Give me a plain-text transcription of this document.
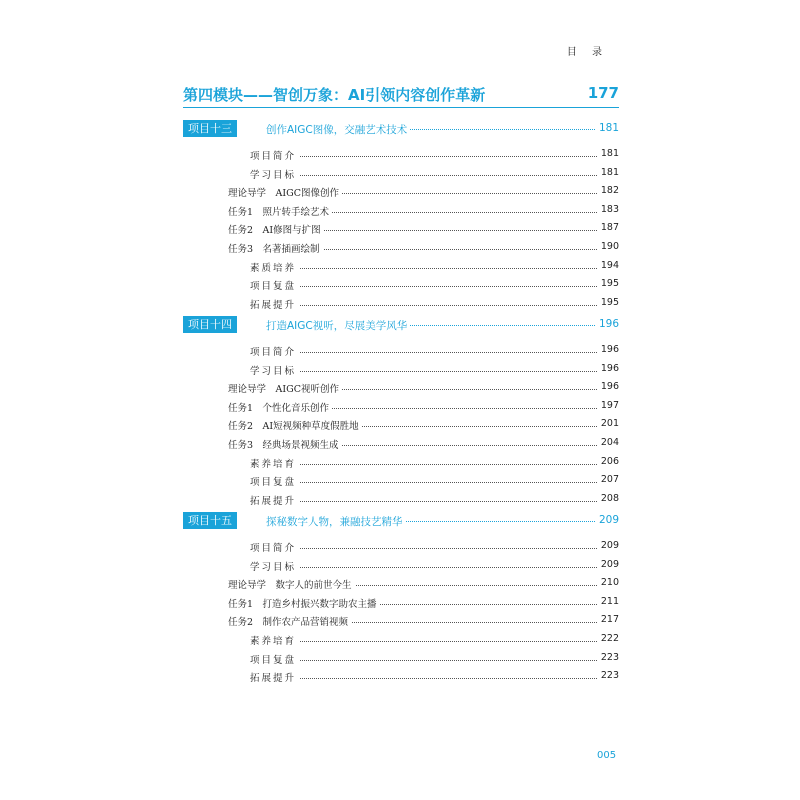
目 录
第四模块——智创万象：AI引领内容创作革新	177
项目十三	创作AIGC图像，交融艺术技术	181
项目简介	181
学习目标	181
理论导学　AIGC图像创作	182
任务1　照片转手绘艺术	183
任务2　AI修图与扩图	187
任务3　名著插画绘制	190
素质培养	194
项目复盘	195
拓展提升	195
项目十四	打造AIGC视听，尽展美学风华	196
项目简介	196
学习目标	196
理论导学　AIGC视听创作	196
任务1　个性化音乐创作	197
任务2　AI短视频种草度假胜地	201
任务3　经典场景视频生成	204
素养培育	206
项目复盘	207
拓展提升	208
项目十五	探秘数字人物，兼融技艺精华	209
项目简介	209
学习目标	209
理论导学　数字人的前世今生	210
任务1　打造乡村振兴数字助农主播	211
任务2　制作农产品营销视频	217
素养培育	222
项目复盘	223
拓展提升	223
005
